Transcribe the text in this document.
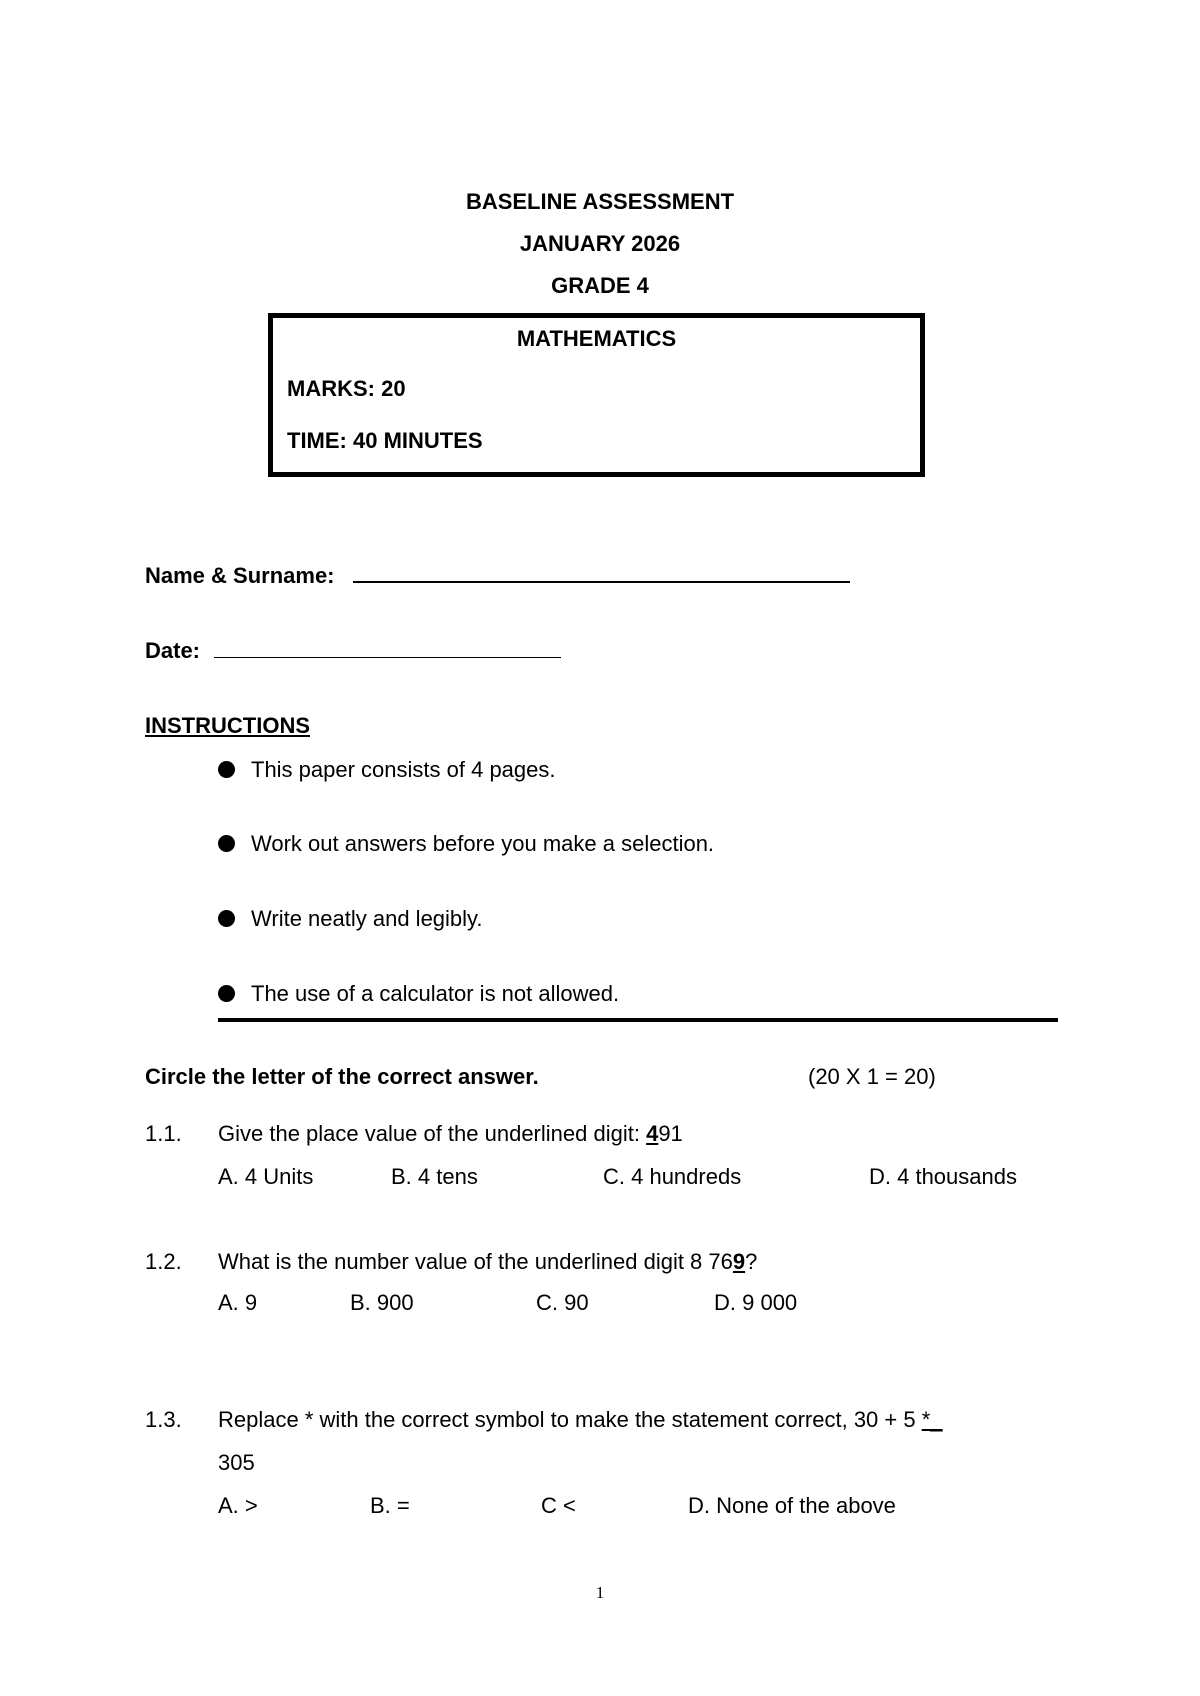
BASELINE ASSESSMENT
JANUARY 2026
GRADE 4
MATHEMATICS
MARKS: 20
TIME: 40 MINUTES
Name & Surname:
Date:
INSTRUCTIONS
This paper consists of 4 pages.
Work out answers before you make a selection.
Write neatly and legibly.
The use of a calculator is not allowed.
Circle the letter of the correct answer.	(20 X 1 = 20)
1.1. Give the place value of the underlined digit: 491
A. 4 Units	B. 4 tens	C. 4 hundreds	D. 4 thousands
1.2. What is the number value of the underlined digit 8 769?
A. 9	B. 900	C. 90	D. 9 000
1.3. Replace * with the correct symbol to make the statement correct, 30 + 5 *_
305
A. >	B. =	C <	D. None of the above
1
